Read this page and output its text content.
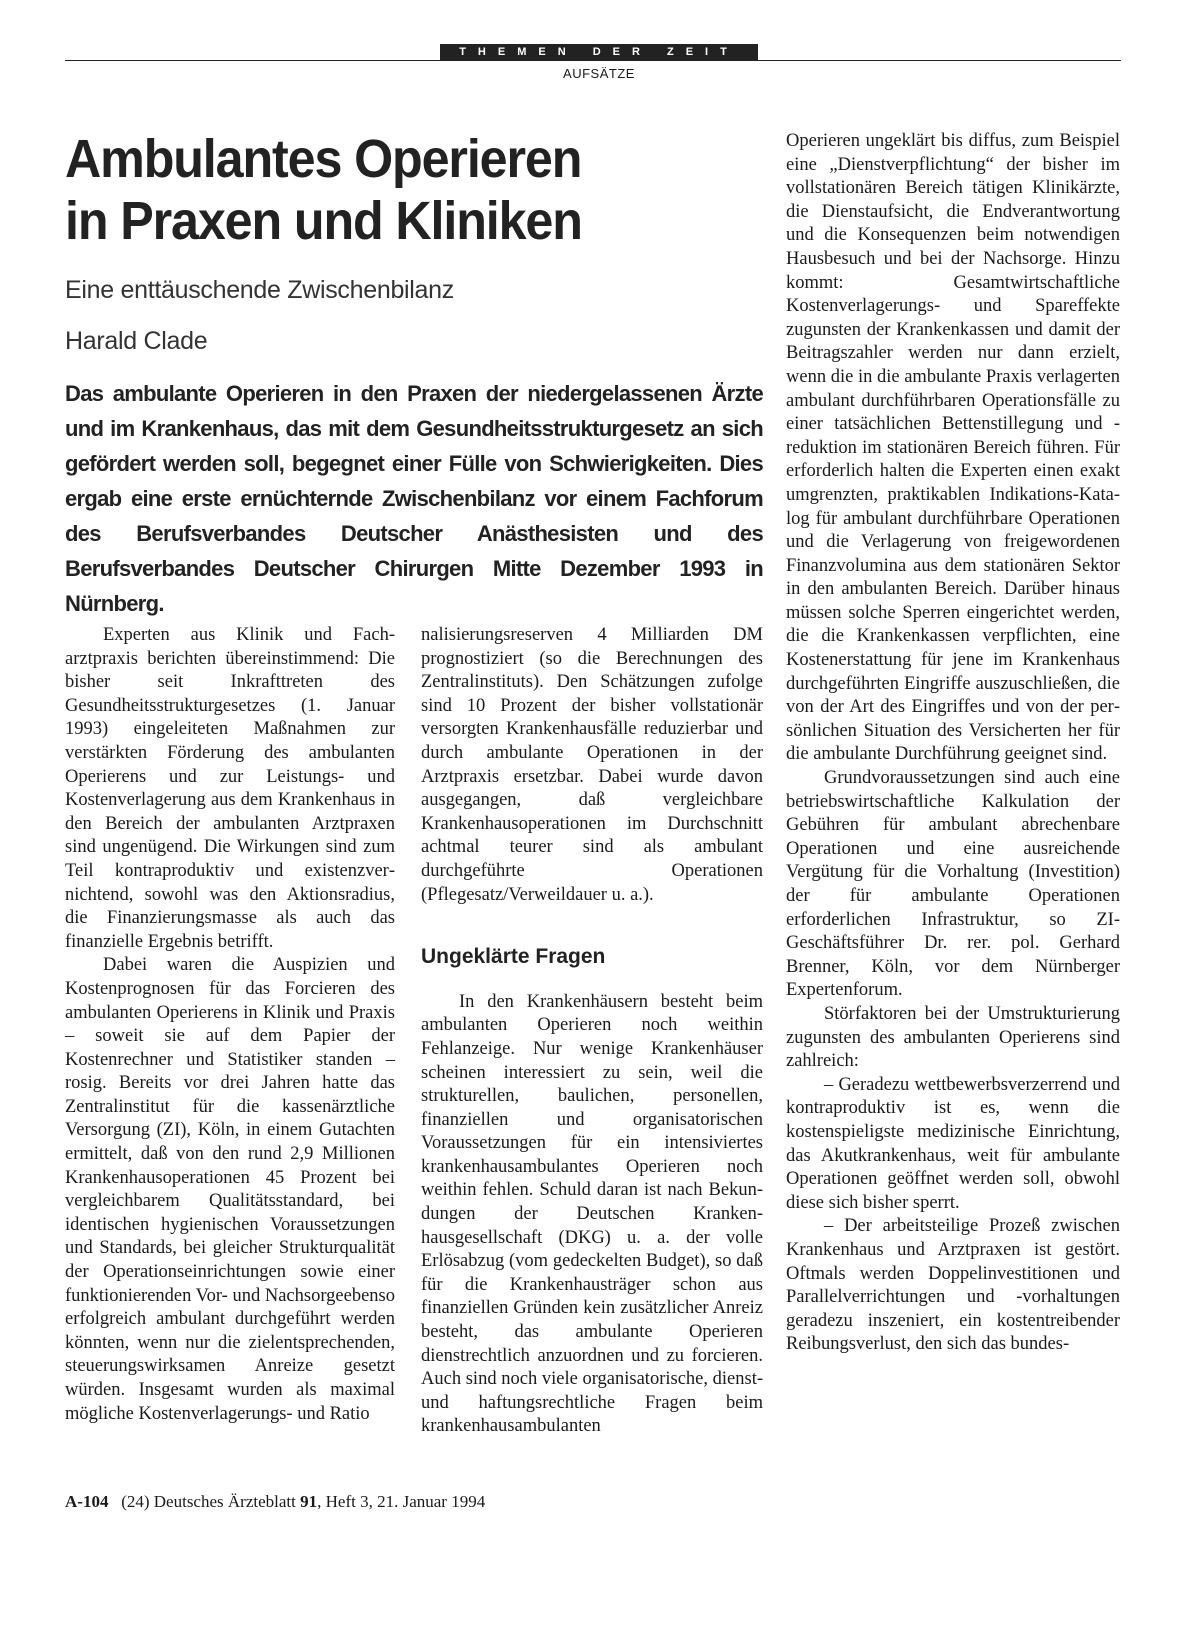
THEMEN DER ZEIT
AUFSÄTZE
Ambulantes Operieren
in Praxen und Kliniken
Eine enttäuschende Zwischenbilanz
Harald Clade
Das ambulante Operieren in den Praxen der niedergelassenen Ärzte und im Krankenhaus, das mit dem Gesundheitsstrukturgesetz an sich gefördert werden soll, begegnet einer Fülle von Schwierigkeiten. Dies ergab eine erste ernüchternde Zwischenbilanz vor einem Fachforum des Berufsverbandes Deutscher Anästhesisten und des Berufsverbandes Deutscher Chirurgen Mitte Dezember 1993 in Nürnberg.

Experten aus Klinik und Facharztpraxis berichten übereinstimmend: Die bisher seit Inkrafttreten des Gesundheitsstrukturgesetzes (1. Januar 1993) eingeleiteten Maßnahmen zur verstärkten Förderung des ambulanten Operierens und zur Leistungs- und Kostenverlagerung aus dem Krankenhaus in den Bereich der ambulanten Arztpraxen sind ungenügend. Die Wirkungen sind zum Teil kontraproduktiv und existenzvernichtend, sowohl was den Aktionsradius, die Finanzierungsmasse als auch das finanzielle Ergebnis betrifft.

Dabei waren die Auspizien und Kostenprognosen für das Forcieren des ambulanten Operierens in Klinik und Praxis – soweit sie auf dem Papier der Kostenrechner und Statistiker standen – rosig. Bereits vor drei Jahren hatte das Zentralinstitut für die kassenärztliche Versorgung (ZI), Köln, in einem Gutachten ermittelt, daß von den rund 2,9 Millionen Krankenhausoperationen 45 Prozent bei vergleichbarem Qualitätsstandard, bei identischen hygienischen Voraussetzungen und Standards, bei gleicher Strukturqualität der Operationseinrichtungen sowie einer funktionierenden Vor- und Nachsorgeebenso erfolgreich ambulant durchgeführt werden könnten, wenn nur die zielentsprechenden, steuerungswirksamen Anreize gesetzt würden. Insgesamt wurden als maximal mögliche Kostenverlagerungs- und Ratio

nalisierungsreserven 4 Milliarden DM prognostiziert (so die Berechnungen des Zentralinstituts). Den Schätzungen zufolge sind 10 Prozent der bisher vollstationär versorgten Krankenhausfälle reduzierbar und durch ambulante Operationen in der Arztpraxis ersetzbar. Dabei wurde davon ausgegangen, daß vergleichbare Krankenhausoperationen im Durchschnitt achtmal teurer sind als ambulant durchgeführte Operationen (Pflegesatz/Verweildauer u. a.).

Ungeklärte Fragen

In den Krankenhäusern besteht beim ambulanten Operieren noch weithin Fehlanzeige. Nur wenige Krankenhäuser scheinen interessiert zu sein, weil die strukturellen, baulichen, personellen, finanziellen und organisatorischen Voraussetzungen für ein intensiviertes krankenhausambulantes Operieren noch weithin fehlen. Schuld daran ist nach Bekundungen der Deutschen Krankenhausgesellschaft (DKG) u. a. der volle Erlösabzug (vom gedeckelten Budget), so daß für die Krankenhausträger schon aus finanziellen Gründen kein zusätzlicher Anreiz besteht, das ambulante Operieren dienstrechtlich anzuordnen und zu forcieren. Auch sind noch viele organisatorische, dienst- und haftungsrechtliche Fragen beim krankenhausambulanten

Operieren ungeklärt bis diffus, zum Beispiel eine „Dienstverpflichtung“ der bisher im vollstationären Bereich tätigen Klinikärzte, die Dienstaufsicht, die Endverantwortung und die Konsequenzen beim notwendigen Hausbesuch und bei der Nachsorge. Hinzu kommt: Gesamtwirtschaftliche Kostenverlagerungs- und Spareffekte zugunsten der Krankenkassen und damit der Beitragszahler werden nur dann erzielt, wenn die in die ambulante Praxis verlagerten ambulant durchführbaren Operationsfälle zu einer tatsächlichen Bettenstillegung und -reduktion im stationären Bereich führen. Für erforderlich halten die Experten einen exakt umgrenzten, praktikablen Indikations-Katalog für ambulant durchführbare Operationen und die Verlagerung von freigewordenen Finanzvolumina aus dem stationären Sektor in den ambulanten Bereich. Darüber hinaus müssen solche Sperren eingerichtet werden, die die Krankenkassen verpflichten, eine Kostenerstattung für jene im Krankenhaus durchgeführten Eingriffe auszuschließen, die von der Art des Eingriffes und von der persönlichen Situation des Versicherten her für die ambulante Durchführung geeignet sind.

Grundvoraussetzungen sind auch eine betriebswirtschaftliche Kalkulation der Gebühren für ambulant abrechenbare Operationen und eine ausreichende Vergütung für die Vorhaltung (Investition) der für ambulante Operationen erforderlichen Infrastruktur, so ZI-Geschäftsführer Dr. rer. pol. Gerhard Brenner, Köln, vor dem Nürnberger Expertenforum.

Störfaktoren bei der Umstrukturierung zugunsten des ambulanten Operierens sind zahlreich:

– Geradezu wettbewerbsverzerrend und kontraproduktiv ist es, wenn die kostenspieligste medizinische Einrichtung, das Akutkrankenhaus, weit für ambulante Operationen geöffnet werden soll, obwohl diese sich bisher sperrt.

– Der arbeitsteilige Prozeß zwischen Krankenhaus und Arztpraxen ist gestört. Oftmals werden Doppelinvestitionen und Parallelverrichtungen und -vorhaltungen geradezu inszeniert, ein kostentreibender Reibungsverlust, den sich das bundes-

A-104 (24) Deutsches Ärzteblatt 91, Heft 3, 21. Januar 1994
